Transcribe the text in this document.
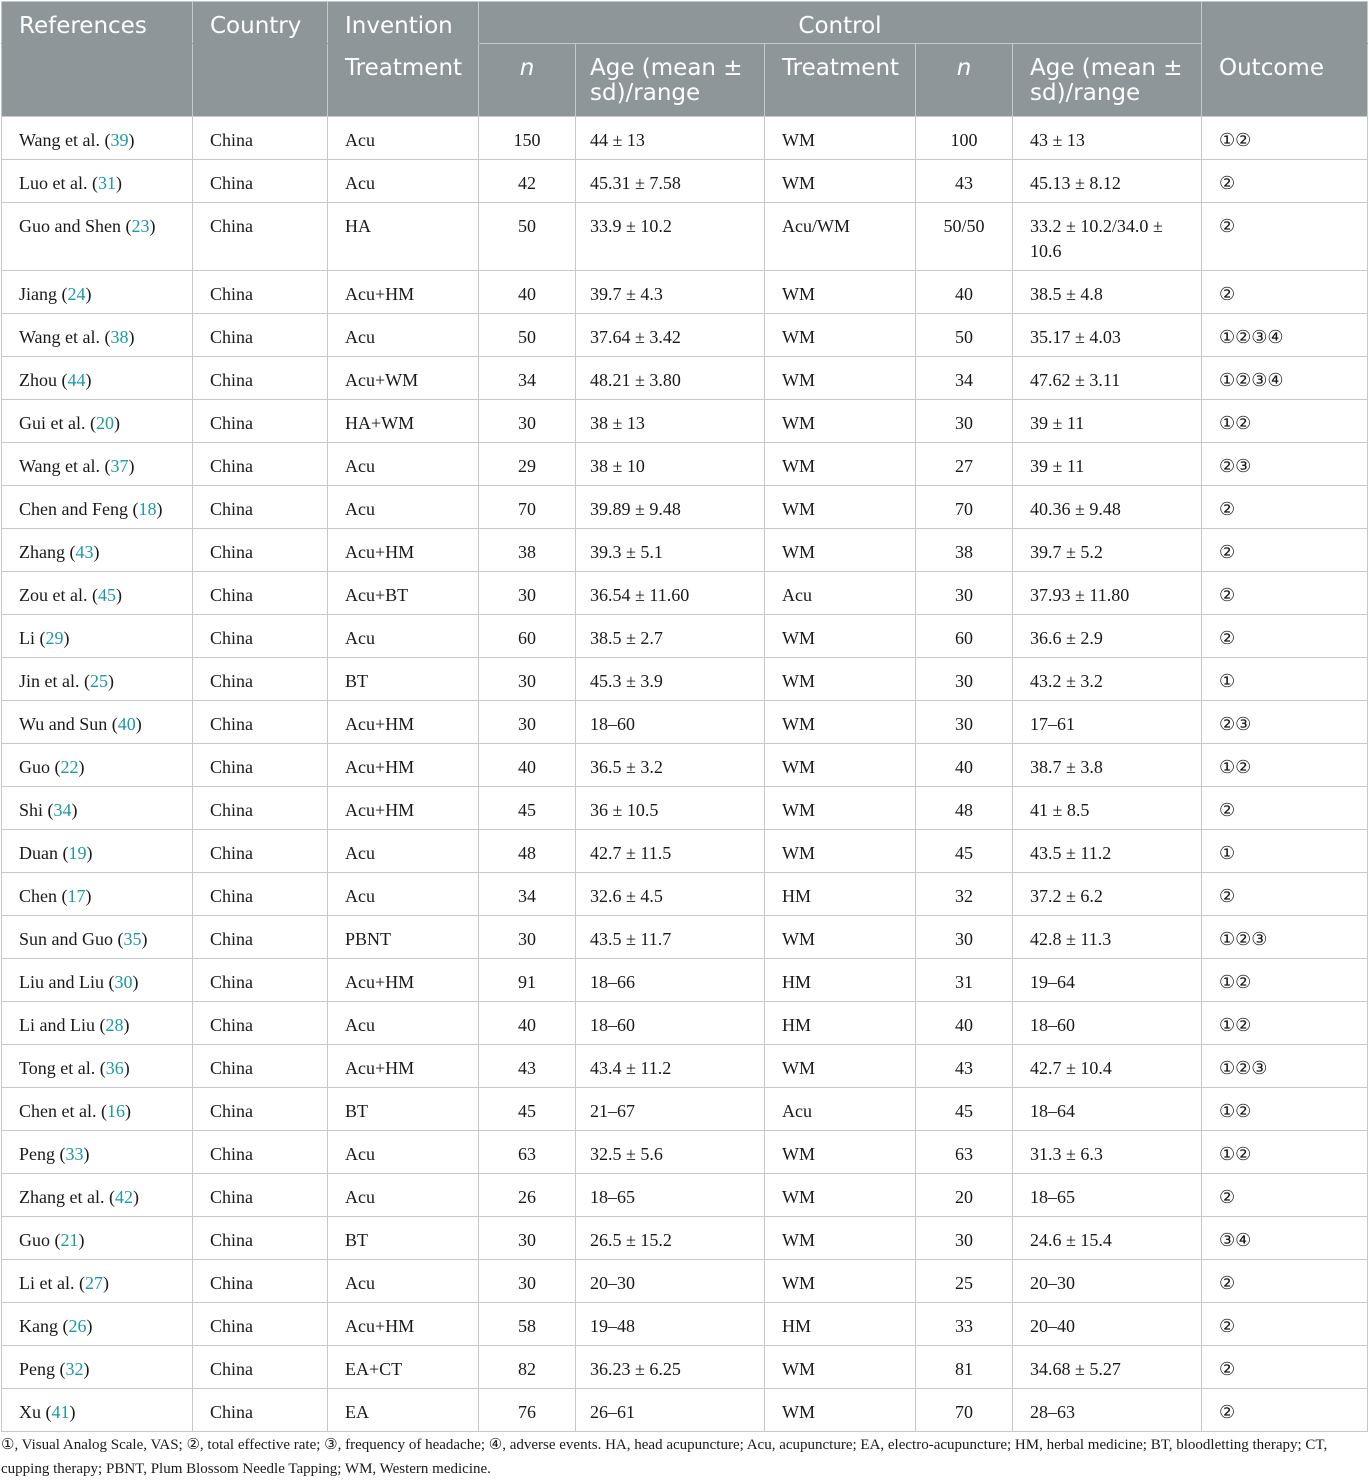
References	Country	Invention	Control					
		Treatment	n	Age (mean ± sd)/range	Treatment	n	Age (mean ± sd)/range	Outcome
Wang et al. (39)	China	Acu	150	44 ± 13	WM	100	43 ± 13	①②
Luo et al. (31)	China	Acu	42	45.31 ± 7.58	WM	43	45.13 ± 8.12	②
Guo and Shen (23)	China	HA	50	33.9 ± 10.2	Acu/WM	50/50	33.2 ± 10.2/34.0 ± 10.6	②
Jiang (24)	China	Acu+HM	40	39.7 ± 4.3	WM	40	38.5 ± 4.8	②
Wang et al. (38)	China	Acu	50	37.64 ± 3.42	WM	50	35.17 ± 4.03	①②③④
Zhou (44)	China	Acu+WM	34	48.21 ± 3.80	WM	34	47.62 ± 3.11	①②③④
Gui et al. (20)	China	HA+WM	30	38 ± 13	WM	30	39 ± 11	①②
Wang et al. (37)	China	Acu	29	38 ± 10	WM	27	39 ± 11	②③
Chen and Feng (18)	China	Acu	70	39.89 ± 9.48	WM	70	40.36 ± 9.48	②
Zhang (43)	China	Acu+HM	38	39.3 ± 5.1	WM	38	39.7 ± 5.2	②
Zou et al. (45)	China	Acu+BT	30	36.54 ± 11.60	Acu	30	37.93 ± 11.80	②
Li (29)	China	Acu	60	38.5 ± 2.7	WM	60	36.6 ± 2.9	②
Jin et al. (25)	China	BT	30	45.3 ± 3.9	WM	30	43.2 ± 3.2	①
Wu and Sun (40)	China	Acu+HM	30	18–60	WM	30	17–61	②③
Guo (22)	China	Acu+HM	40	36.5 ± 3.2	WM	40	38.7 ± 3.8	①②
Shi (34)	China	Acu+HM	45	36 ± 10.5	WM	48	41 ± 8.5	②
Duan (19)	China	Acu	48	42.7 ± 11.5	WM	45	43.5 ± 11.2	①
Chen (17)	China	Acu	34	32.6 ± 4.5	HM	32	37.2 ± 6.2	②
Sun and Guo (35)	China	PBNT	30	43.5 ± 11.7	WM	30	42.8 ± 11.3	①②③
Liu and Liu (30)	China	Acu+HM	91	18–66	HM	31	19–64	①②
Li and Liu (28)	China	Acu	40	18–60	HM	40	18–60	①②
Tong et al. (36)	China	Acu+HM	43	43.4 ± 11.2	WM	43	42.7 ± 10.4	①②③
Chen et al. (16)	China	BT	45	21–67	Acu	45	18–64	①②
Peng (33)	China	Acu	63	32.5 ± 5.6	WM	63	31.3 ± 6.3	①②
Zhang et al. (42)	China	Acu	26	18–65	WM	20	18–65	②
Guo (21)	China	BT	30	26.5 ± 15.2	WM	30	24.6 ± 15.4	③④
Li et al. (27)	China	Acu	30	20–30	WM	25	20–30	②
Kang (26)	China	Acu+HM	58	19–48	HM	33	20–40	②
Peng (32)	China	EA+CT	82	36.23 ± 6.25	WM	81	34.68 ± 5.27	②
Xu (41)	China	EA	76	26–61	WM	70	28–63	②
①, Visual Analog Scale, VAS; ②, total effective rate; ③, frequency of headache; ④, adverse events. HA, head acupuncture; Acu, acupuncture; EA, electro-acupuncture; HM, herbal medicine; BT, bloodletting therapy; CT, cupping therapy; PBNT, Plum Blossom Needle Tapping; WM, Western medicine.
